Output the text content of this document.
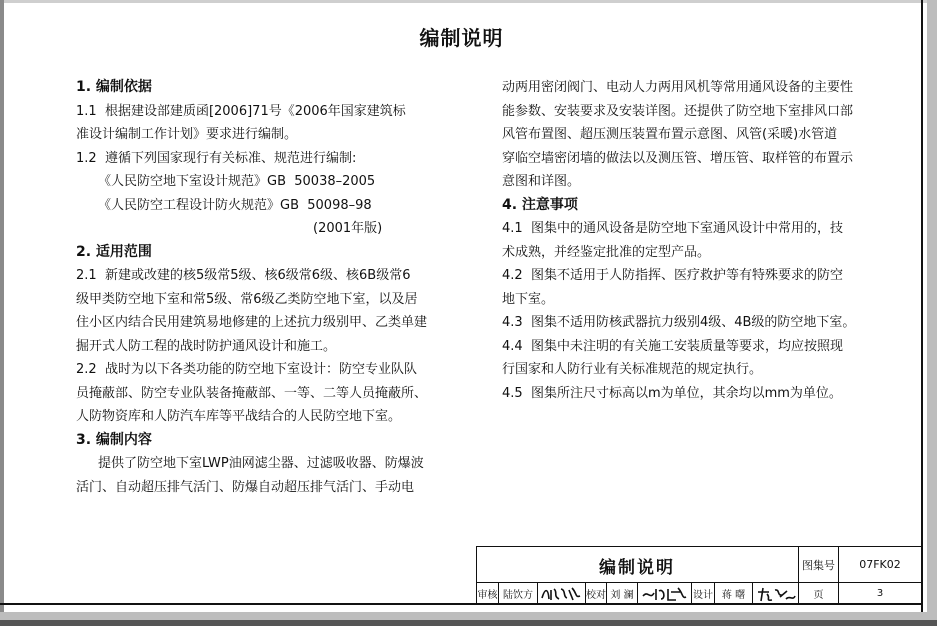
编制说明

1. 编制依据

1.1  根据建设部建质函[2006]71号《2006年国家建筑标

准设计编制工作计划》要求进行编制。

1.2  遵循下列国家现行有关标准、规范进行编制:

《人民防空地下室设计规范》GB  50038–2005

《人民防空工程设计防火规范》GB  50098–98

(2001年版)

2. 适用范围

2.1  新建或改建的核5级常5级、核6级常6级、核6B级常6

级甲类防空地下室和常5级、常6级乙类防空地下室，以及居

住小区内结合民用建筑易地修建的上述抗力级别甲、乙类单建

掘开式人防工程的战时防护通风设计和施工。

2.2  战时为以下各类功能的防空地下室设计：防空专业队队

员掩蔽部、防空专业队装备掩蔽部、一等、二等人员掩蔽所、

人防物资库和人防汽车库等平战结合的人民防空地下室。

3. 编制内容

提供了防空地下室LWP油网滤尘器、过滤吸收器、防爆波

活门、自动超压排气活门、防爆自动超压排气活门、手动电

动两用密闭阀门、电动人力两用风机等常用通风设备的主要性

能参数、安装要求及安装详图。还提供了防空地下室排风口部

风管布置图、超压测压装置布置示意图、风管(采暖)水管道

穿临空墙密闭墙的做法以及测压管、增压管、取样管的布置示

意图和详图。

4. 注意事项

4.1  图集中的通风设备是防空地下室通风设计中常用的，技

术成熟，并经鉴定批准的定型产品。

4.2  图集不适用于人防指挥、医疗救护等有特殊要求的防空

地下室。

4.3  图集不适用防核武器抗力级别4级、4B级的防空地下室。

4.4  图集中未注明的有关施工安装质量等要求，均应按照现

行国家和人防行业有关标准规范的规定执行。

4.5  图集所注尺寸标高以m为单位，其余均以mm为单位。

编制说明	图集号	07FK02
审核 陆饮方	校对 刘 澜	设计 蒋 曙	页	3
